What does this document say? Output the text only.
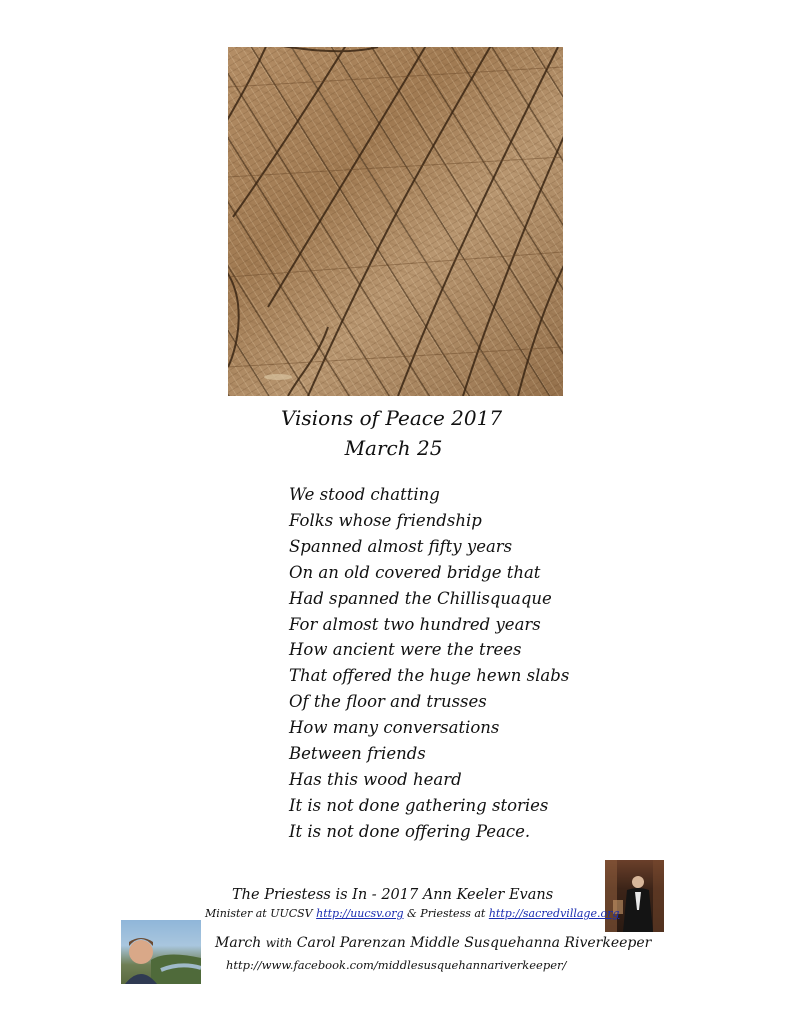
Visions of Peace 2017
March 25
We stood chatting
Folks whose friendship
Spanned almost fifty years
On an old covered bridge that
Had spanned the Chillisquaque
For almost two hundred years
How ancient were the trees
That offered the huge hewn slabs
Of the floor and trusses
How many conversations
Between friends
Has this wood heard
It is not done gathering stories
It is not done offering Peace.
The Priestess is In - 2017 Ann Keeler Evans
Minister at UUCSV http://uucsv.org & Priestess at http://sacredvillage.org
March with Carol Parenzan Middle Susquehanna Riverkeeper
http://www.facebook.com/middlesusquehannariverkeeper/
